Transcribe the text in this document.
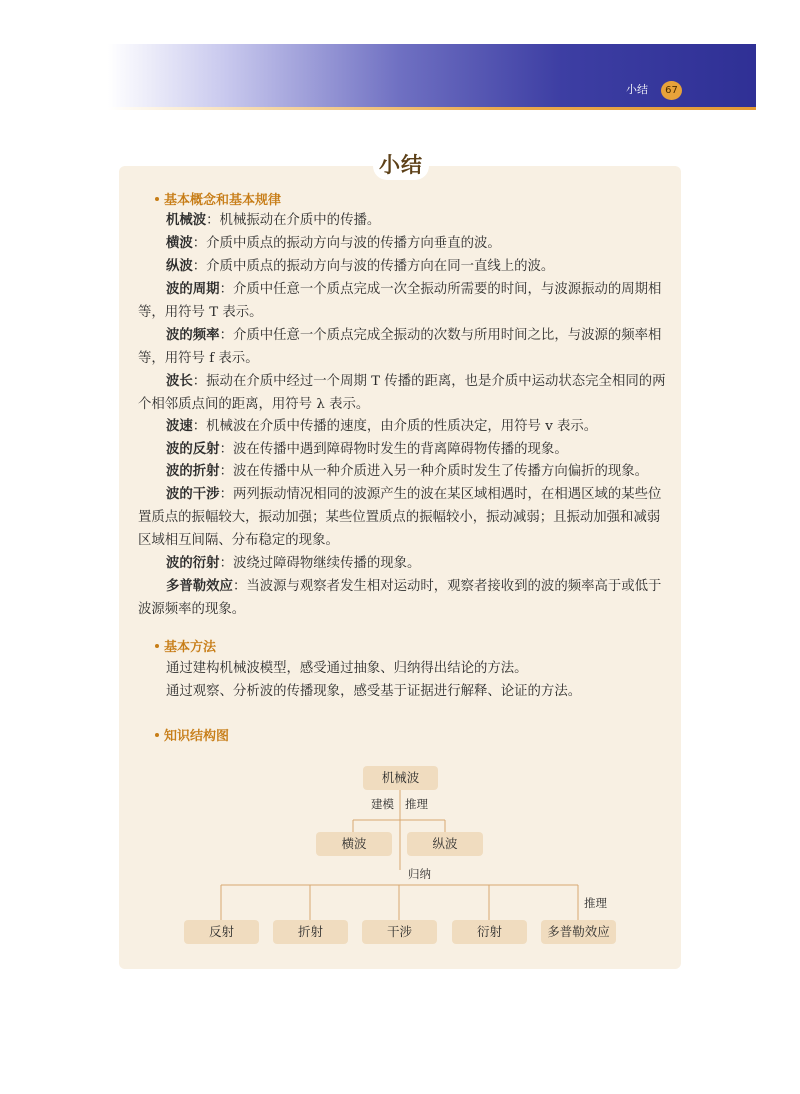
小结	67
小结
基本概念和基本规律
机械波：机械振动在介质中的传播。
横波：介质中质点的振动方向与波的传播方向垂直的波。
纵波：介质中质点的振动方向与波的传播方向在同一直线上的波。
波的周期：介质中任意一个质点完成一次全振动所需要的时间，与波源振动的周期相等，用符号 T 表示。
波的频率：介质中任意一个质点完成全振动的次数与所用时间之比，与波源的频率相等，用符号 f 表示。
波长：振动在介质中经过一个周期 T 传播的距离，也是介质中运动状态完全相同的两个相邻质点间的距离，用符号 λ 表示。
波速：机械波在介质中传播的速度，由介质的性质决定，用符号 v 表示。
波的反射：波在传播中遇到障碍物时发生的背离障碍物传播的现象。
波的折射：波在传播中从一种介质进入另一种介质时发生了传播方向偏折的现象。
波的干涉：两列振动情况相同的波源产生的波在某区域相遇时，在相遇区域的某些位置质点的振幅较大，振动加强；某些位置质点的振幅较小，振动减弱；且振动加强和减弱区域相互间隔、分布稳定的现象。
波的衍射：波绕过障碍物继续传播的现象。
多普勒效应：当波源与观察者发生相对运动时，观察者接收到的波的频率高于或低于波源频率的现象。
基本方法
通过建构机械波模型，感受通过抽象、归纳得出结论的方法。
通过观察、分析波的传播现象，感受基于证据进行解释、论证的方法。
知识结构图
机械波
建模 推理
横波	纵波
归纳
推理
反射	折射	干涉	衍射	多普勒效应
